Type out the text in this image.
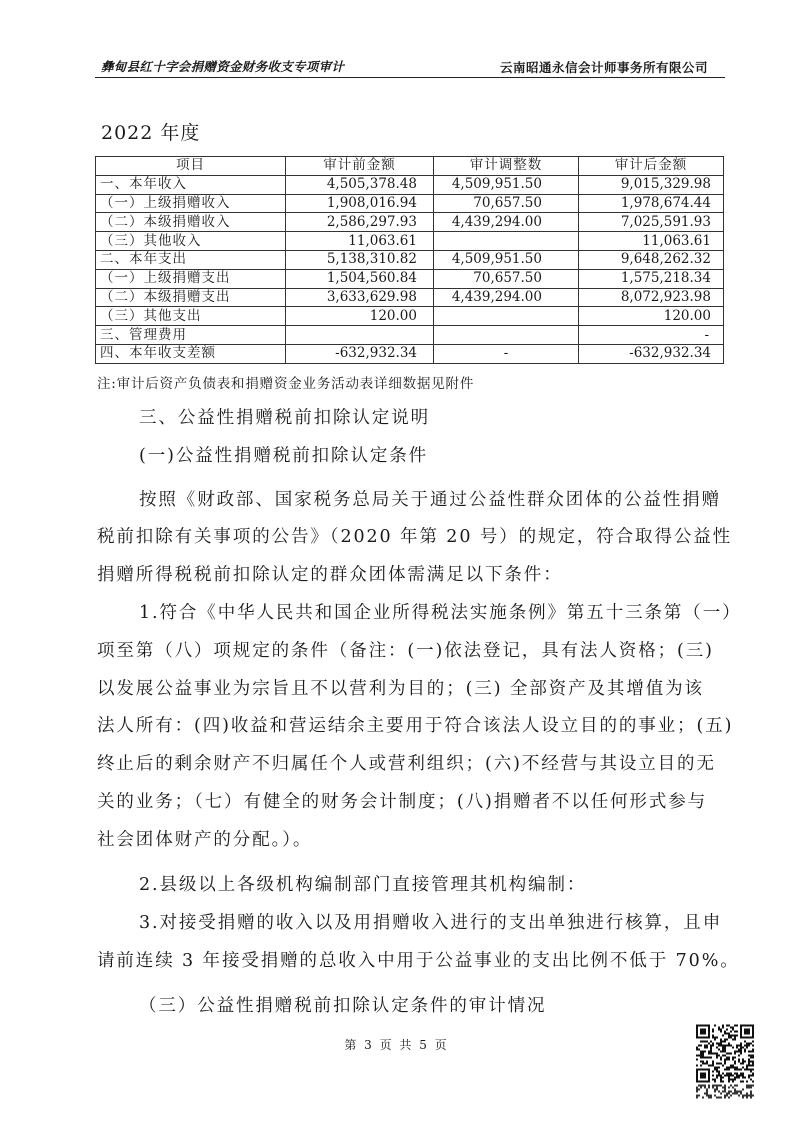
彝甸县红十字会捐赠资金财务收支专项审计	云南昭通永信会计师事务所有限公司
2022 年度
项目	审计前金额	审计调整数	审计后金额
一、本年收入	4,505,378.48	4,509,951.50	9,015,329.98
（一）上级捐赠收入	1,908,016.94	70,657.50	1,978,674.44
（二）本级捐赠收入	2,586,297.93	4,439,294.00	7,025,591.93
（三）其他收入	11,063.61		11,063.61
二、本年支出	5,138,310.82	4,509,951.50	9,648,262.32
（一）上级捐赠支出	1,504,560.84	70,657.50	1,575,218.34
（二）本级捐赠支出	3,633,629.98	4,439,294.00	8,072,923.98
（三）其他支出	120.00		120.00
三、管理费用			-
四、本年收支差额	-632,932.34	-	-632,932.34
注:审计后资产负债表和捐赠资金业务活动表详细数据见附件
三、公益性捐赠税前扣除认定说明
(一)公益性捐赠税前扣除认定条件
按照《财政部、国家税务总局关于通过公益性群众团体的公益性捐赠
税前扣除有关事项的公告》（2020 年第 20 号）的规定，符合取得公益性
捐赠所得税税前扣除认定的群众团体需满足以下条件：
1.符合《中华人民共和国企业所得税法实施条例》第五十三条第（一）
项至第（八）项规定的条件（备注：(一)依法登记，具有法人资格；(三)
以发展公益事业为宗旨且不以营利为目的；(三) 全部资产及其增值为该
法人所有：(四)收益和营运结余主要用于符合该法人设立目的的事业；(五)
终止后的剩余财产不归属任个人或营利组织；(六)不经营与其设立目的无
关的业务；（七）有健全的财务会计制度；(八)捐赠者不以任何形式参与
社会团体财产的分配。）。
2.县级以上各级机构编制部门直接管理其机构编制：
3.对接受捐赠的收入以及用捐赠收入进行的支出单独进行核算，且申
请前连续 3 年接受捐赠的总收入中用于公益事业的支出比例不低于 70%。
（三）公益性捐赠税前扣除认定条件的审计情况
第 3 页 共 5 页
